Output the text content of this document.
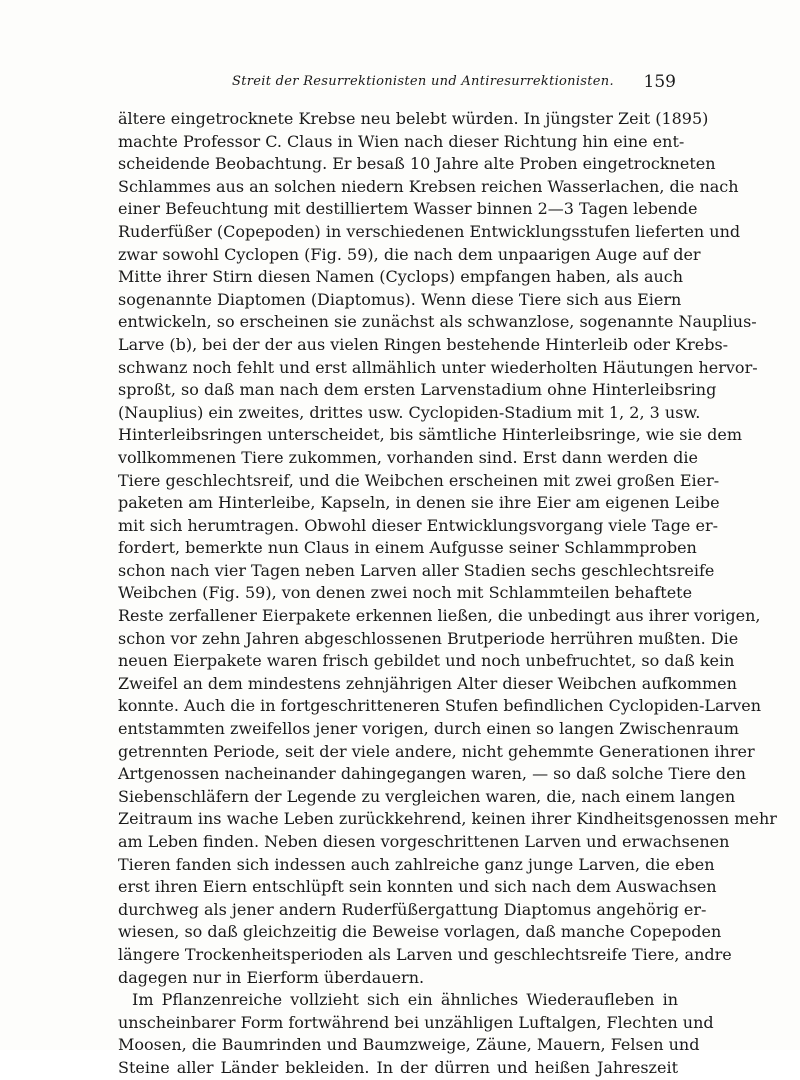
Streit der Resurrektionisten und Antiresurrektionisten. 159
ältere eingetrocknete Krebse neu belebt würden. In jüngster Zeit (1895)
machte Professor C. Claus in Wien nach dieser Richtung hin eine ent-
scheidende Beobachtung. Er besaß 10 Jahre alte Proben eingetrockneten
Schlammes aus an solchen niedern Krebsen reichen Wasserlachen, die nach
einer Befeuchtung mit destilliertem Wasser binnen 2—3 Tagen lebende
Ruderfüßer (Copepoden) in verschiedenen Entwicklungsstufen lieferten und
zwar sowohl Cyclopen (Fig. 59), die nach dem unpaarigen Auge auf der
Mitte ihrer Stirn diesen Namen (Cyclops) empfangen haben, als auch
sogenannte Diaptomen (Diaptomus). Wenn diese Tiere sich aus Eiern
entwickeln, so erscheinen sie zunächst als schwanzlose, sogenannte Nauplius-
Larve (b), bei der der aus vielen Ringen bestehende Hinterleib oder Krebs-
schwanz noch fehlt und erst allmählich unter wiederholten Häutungen hervor-
sproßt, so daß man nach dem ersten Larvenstadium ohne Hinterleibsring
(Nauplius) ein zweites, drittes usw. Cyclopiden-Stadium mit 1, 2, 3 usw.
Hinterleibsringen unterscheidet, bis sämtliche Hinterleibsringe, wie sie dem
vollkommenen Tiere zukommen, vorhanden sind. Erst dann werden die
Tiere geschlechtsreif, und die Weibchen erscheinen mit zwei großen Eier-
paketen am Hinterleibe, Kapseln, in denen sie ihre Eier am eigenen Leibe
mit sich herumtragen. Obwohl dieser Entwicklungsvorgang viele Tage er-
fordert, bemerkte nun Claus in einem Aufgusse seiner Schlammproben
schon nach vier Tagen neben Larven aller Stadien sechs geschlechtsreife
Weibchen (Fig. 59), von denen zwei noch mit Schlammteilen behaftete
Reste zerfallener Eierpakete erkennen ließen, die unbedingt aus ihrer vorigen,
schon vor zehn Jahren abgeschlossenen Brutperiode herrühren mußten. Die
neuen Eierpakete waren frisch gebildet und noch unbefruchtet, so daß kein
Zweifel an dem mindestens zehnjährigen Alter dieser Weibchen aufkommen
konnte. Auch die in fortgeschritteneren Stufen befindlichen Cyclopiden-Larven
entstammten zweifellos jener vorigen, durch einen so langen Zwischenraum
getrennten Periode, seit der viele andere, nicht gehemmte Generationen ihrer
Artgenossen nacheinander dahingegangen waren, — so daß solche Tiere den
Siebenschläfern der Legende zu vergleichen waren, die, nach einem langen
Zeitraum ins wache Leben zurückkehrend, keinen ihrer Kindheitsgenossen mehr
am Leben finden. Neben diesen vorgeschrittenen Larven und erwachsenen
Tieren fanden sich indessen auch zahlreiche ganz junge Larven, die eben
erst ihren Eiern entschlüpft sein konnten und sich nach dem Auswachsen
durchweg als jener andern Ruderfüßergattung Diaptomus angehörig er-
wiesen, so daß gleichzeitig die Beweise vorlagen, daß manche Copepoden
längere Trockenheitsperioden als Larven und geschlechtsreife Tiere, andre
dagegen nur in Eierform überdauern.
Im Pflanzenreiche vollzieht sich ein ähnliches Wiederaufleben in
unscheinbarer Form fortwährend bei unzähligen Luftalgen, Flechten und
Moosen, die Baumrinden und Baumzweige, Zäune, Mauern, Felsen und
Steine aller Länder bekleiden. In der dürren und heißen Jahreszeit
